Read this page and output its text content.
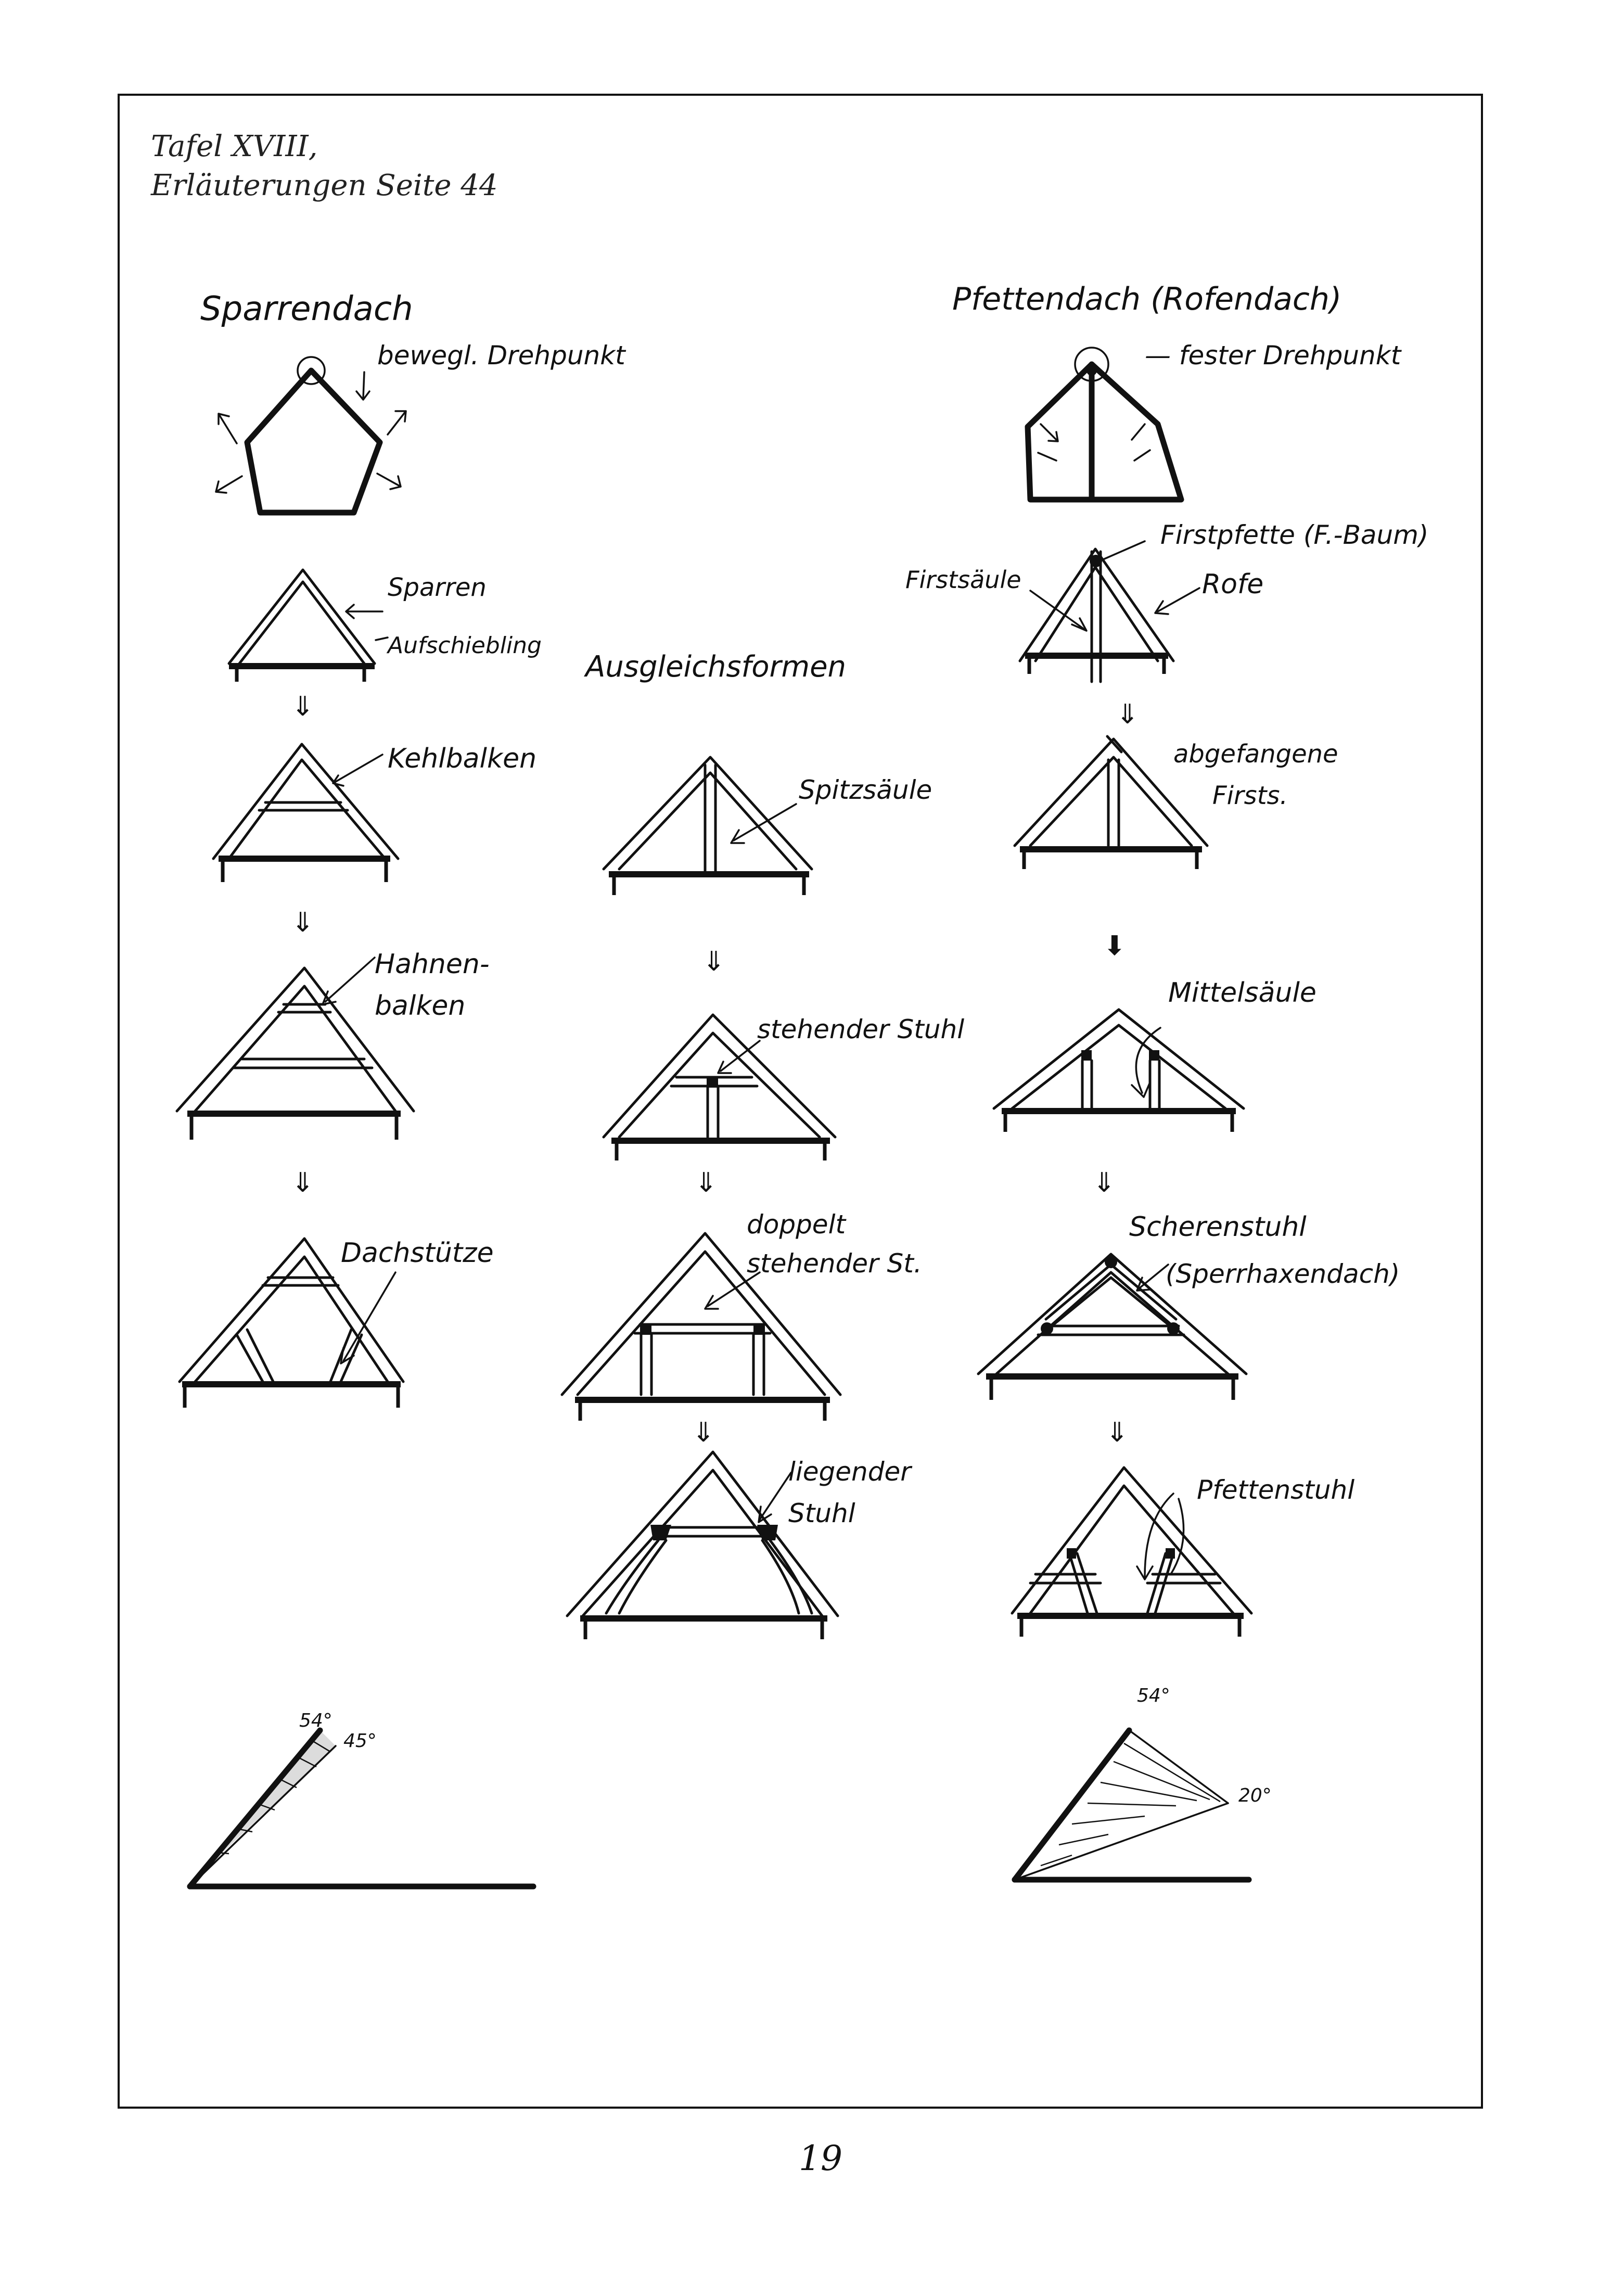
Tafel XVIII,
Erläuterungen Seite 44
Sparrendach
bewegl. Drehpunkt
Pfettendach (Rofendach)
— fester Drehpunkt
Sparren
Aufschiebling
⇓
Kehlbalken
⇓
Hahnen-
balken
⇓
Dachstütze
Ausgleichsformen
Spitzsäule
⇓
stehender Stuhl
⇓
doppelt
stehender St.
⇓
liegender
Stuhl
Firstpfette (F.-Baum)
Firstsäule	Rofe
⇓
abgefangene
Firsts.
⬇
Mittelsäule
⇓
Scherenstuhl
(Sperrhaxendach)
⇓
Pfettenstuhl
54°
45°
54°
20°
19
